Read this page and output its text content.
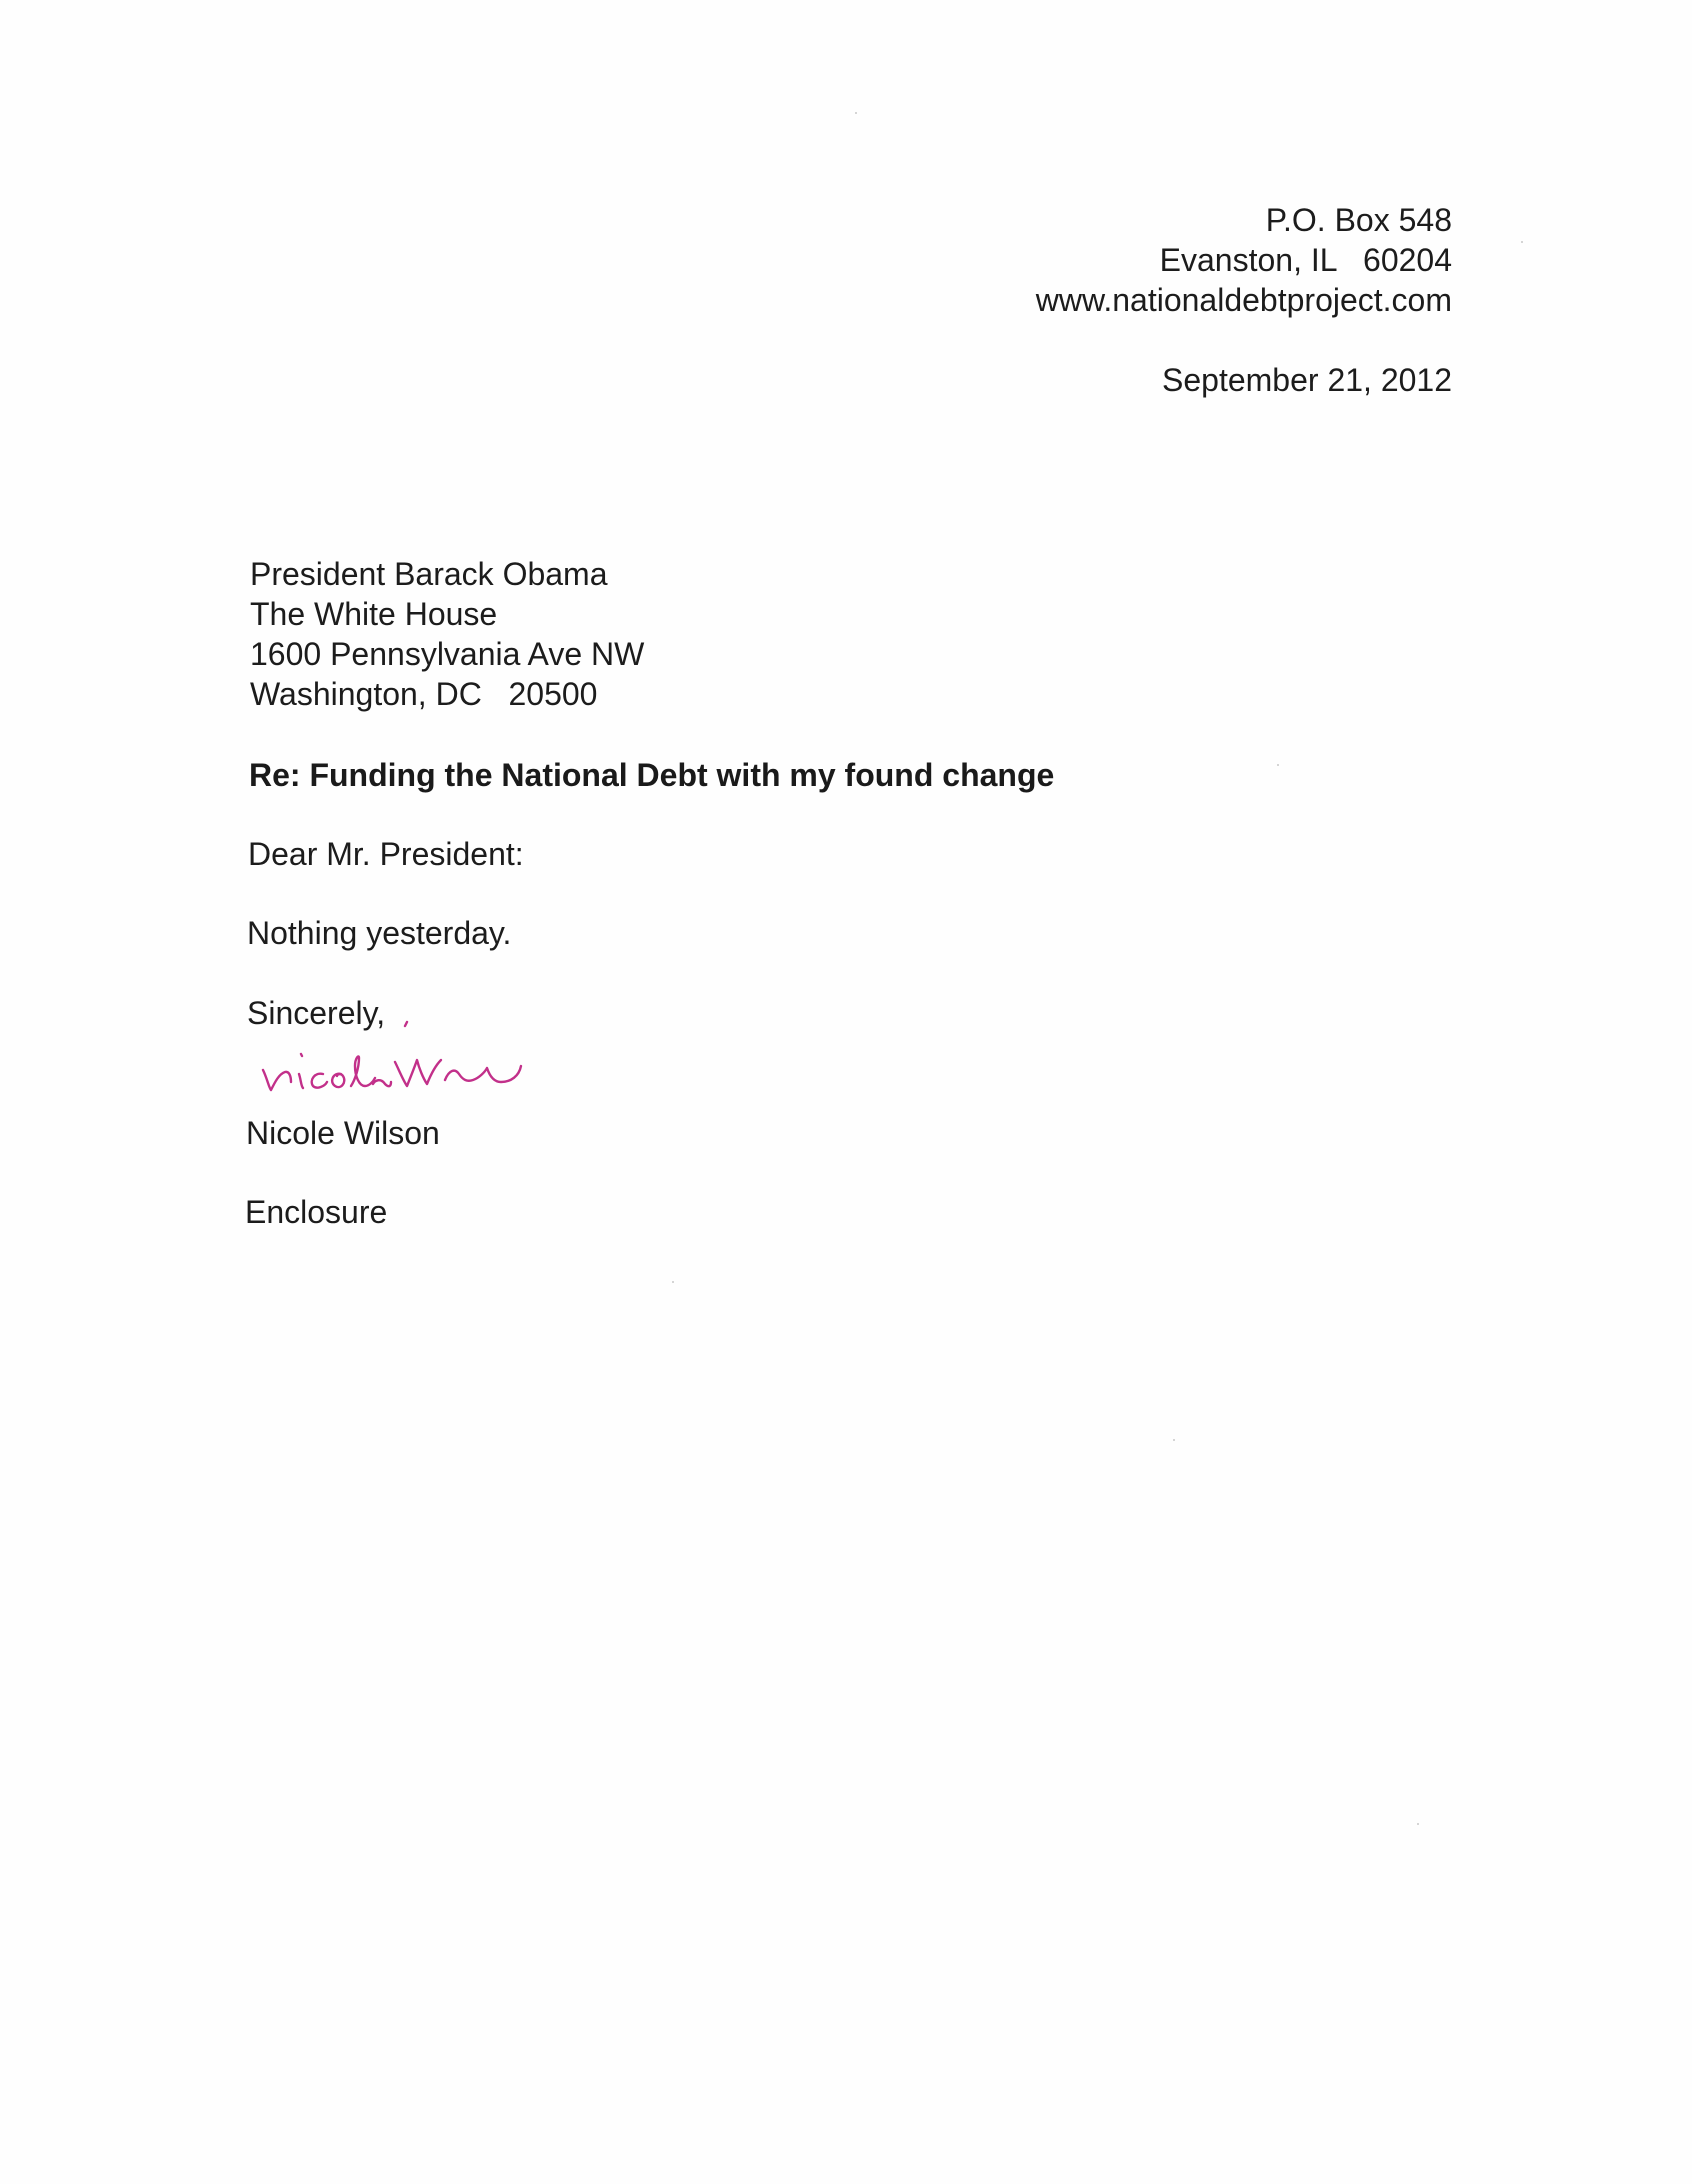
P.O. Box 548
Evanston, IL   60204
www.nationaldebtproject.com
September 21, 2012
President Barack Obama
The White House
1600 Pennsylvania Ave NW
Washington, DC   20500
Re: Funding the National Debt with my found change
Dear Mr. President:
Nothing yesterday.
Sincerely,
Nicole Wilson
Enclosure
